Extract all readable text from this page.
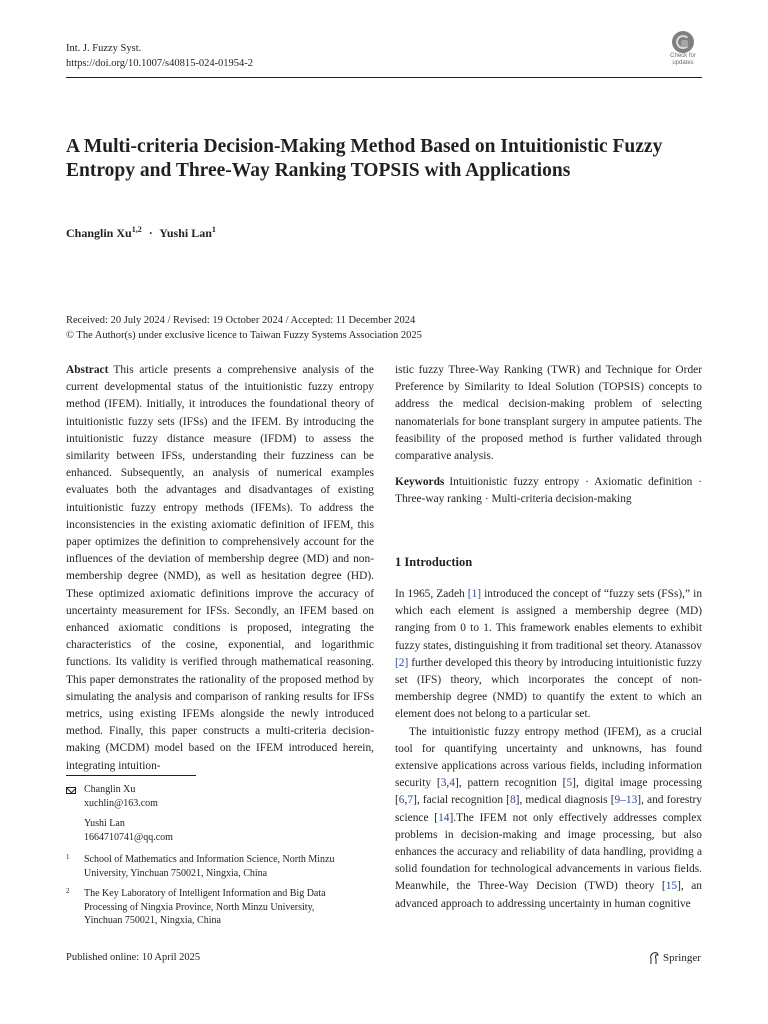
Int. J. Fuzzy Syst.
https://doi.org/10.1007/s40815-024-01954-2
Check for
updates
A Multi-criteria Decision-Making Method Based on Intuitionistic Fuzzy Entropy and Three-Way Ranking TOPSIS with Applications
Changlin Xu$^{1,2}$ · Yushi Lan$^1$
Received: 20 July 2024 / Revised: 19 October 2024 / Accepted: 11 December 2024
© The Author(s) under exclusive licence to Taiwan Fuzzy Systems Association 2025
Abstract This article presents a comprehensive analysis of the current developmental status of the intuitionistic fuzzy entropy method (IFEM). Initially, it introduces the foundational theory of intuitionistic fuzzy sets (IFSs) and the IFEM. By introducing the intuitionistic fuzzy distance measure (IFDM) to assess the similarity between IFSs, understanding their fuzziness can be enhanced. Subsequently, an analysis of numerical examples evaluates both the advantages and disadvantages of existing intuitionistic fuzzy entropy methods (IFEMs). To address the inconsistencies in the existing axiomatic definition of IFEM, this paper optimizes the definition to comprehensively account for the influences of the deviation of membership degree (MD) and non-membership degree (NMD), as well as hesitation degree (HD). These optimized axiomatic definitions improve the accuracy of uncertainty measurement for IFSs. Secondly, an IFEM based on enhanced axiomatic conditions is proposed, integrating the characteristics of the cosine, exponential, and logarithmic functions. Its validity is verified through mathematical reasoning. This paper demonstrates the rationality of the proposed method by simulating the analysis and comparison of ranking results for IFSs metrics, using existing IFEMs alongside the newly introduced method. Finally, this paper constructs a multi-criteria decision-making (MCDM) model based on the IFEM introduced herein, integrating intuition-
istic fuzzy Three-Way Ranking (TWR) and Technique for Order Preference by Similarity to Ideal Solution (TOPSIS) concepts to address the medical decision-making problem of selecting nanomaterials for bone transplant surgery in amputee patients. The feasibility of the proposed method is further validated through comparative analysis.
Keywords Intuitionistic fuzzy entropy · Axiomatic definition · Three-way ranking · Multi-criteria decision-making
1 Introduction

In 1965, Zadeh [1] introduced the concept of “fuzzy sets (FSs),” in which each element is assigned a membership degree (MD) ranging from 0 to 1. This framework enables elements to exhibit fuzzy states, distinguishing it from traditional set theory. Atanassov [2] further developed this theory by introducing intuitionistic fuzzy set (IFS) theory, which incorporates the concept of non-membership degree (NMD) to quantify the extent to which an element does not belong to a particular set.

The intuitionistic fuzzy entropy method (IFEM), as a crucial tool for quantifying uncertainty and unknowns, has found extensive applications across various fields, including information security [3,4], pattern recognition [5], digital image processing [6,7], facial recognition [8], medical diagnosis [9–13], and forestry science [14].The IFEM not only effectively addresses complex problems in decision-making and image processing, but also enhances the accuracy and reliability of data handling, providing a solid foundation for technological advancements in various fields. Meanwhile, the Three-Way Decision (TWD) theory [15], an advanced approach to addressing uncertainty in human cognitive

Changlin Xu
xuchlin@163.com
Yushi Lan
1664710741@qq.com
1 School of Mathematics and Information Science, North Minzu University, Yinchuan 750021, Ningxia, China
2 The Key Laboratory of Intelligent Information and Big Data Processing of Ningxia Province, North Minzu University, Yinchuan 750021, Ningxia, China
Published online: 10 April 2025	Springer
